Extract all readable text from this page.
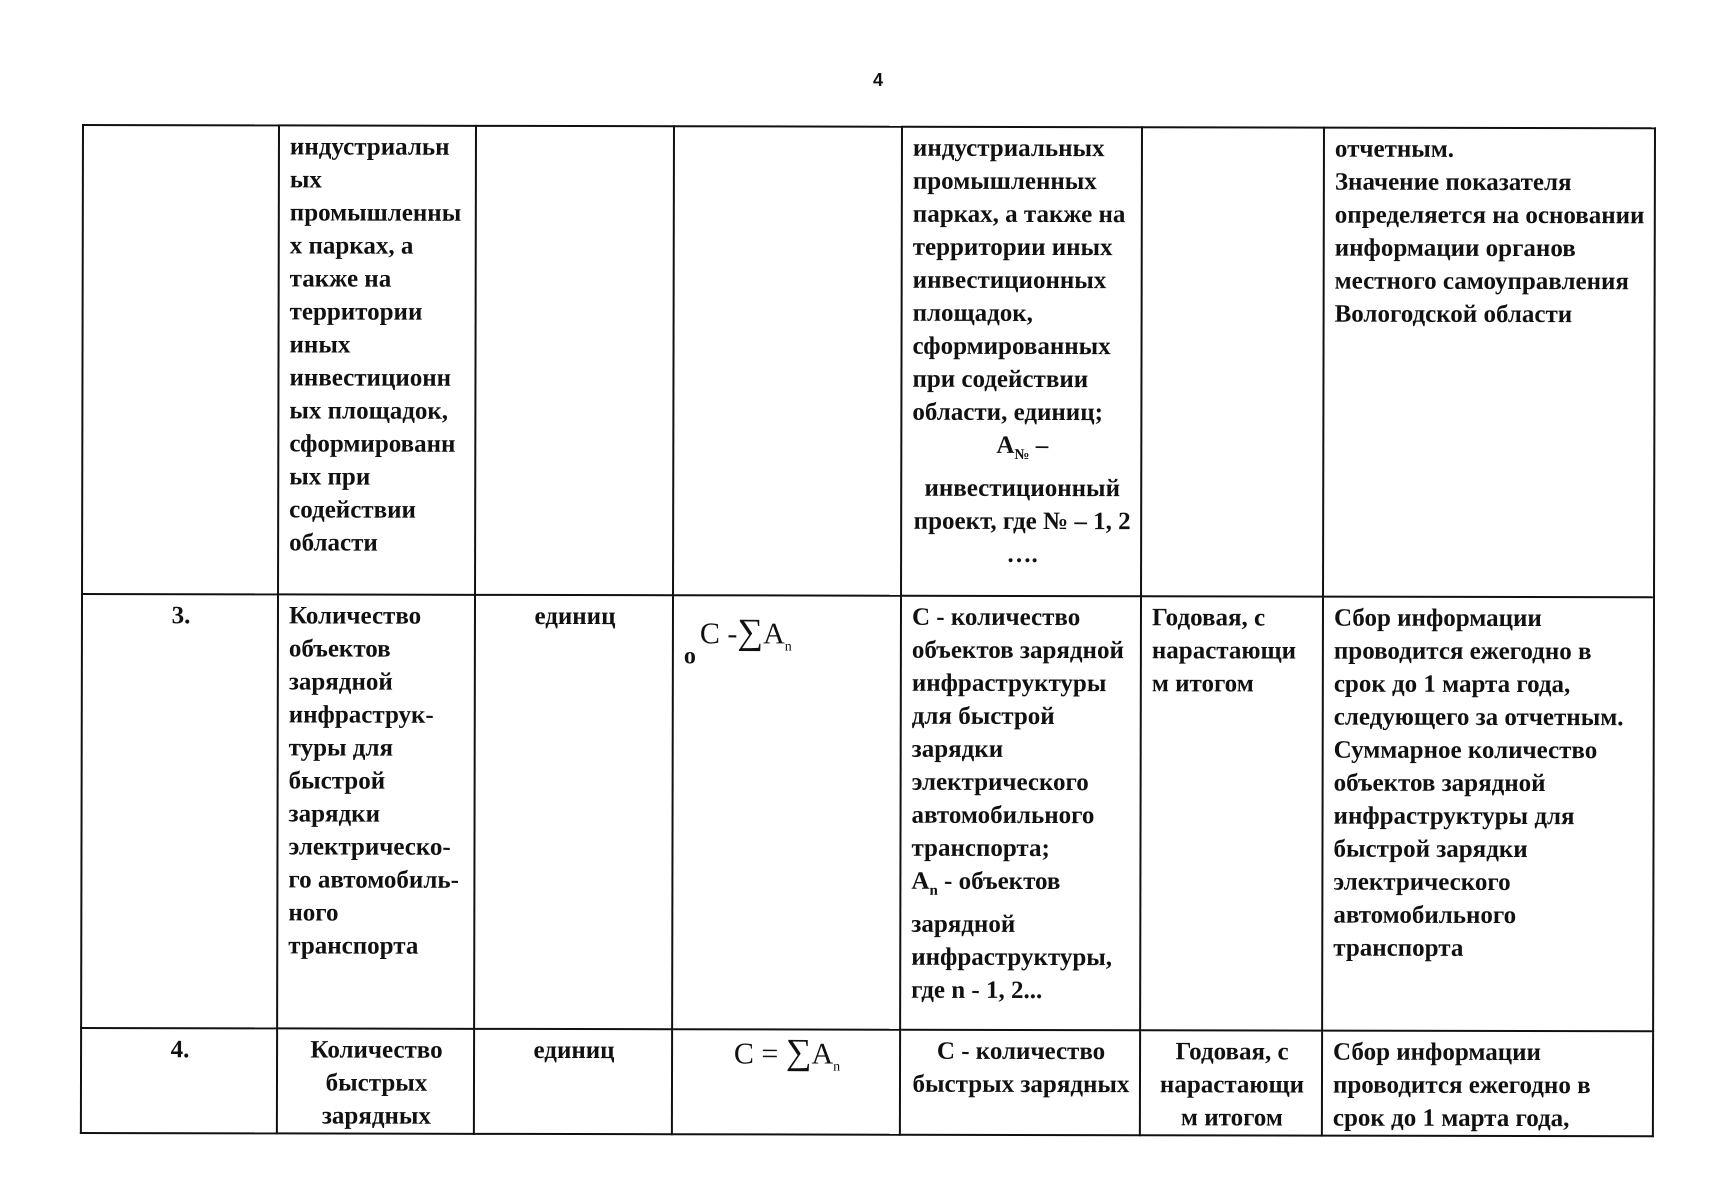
4
	индустриальн ых промышленны х парках, а также на территории иных инвестиционн ых площадок, сформированн ых при содействии области			индустриальных промышленных парках, а также на территории иных инвестиционных площадок, сформированных при содействии области, единиц;
$A_№$ –
инвестиционный проект, где № – 1, 2 ….		отчетным.
Значение показателя определяется на основании информации органов местного самоуправления Вологодской области

3.	Количество объектов зарядной инфраструк-туры для быстрой зарядки электрическо-го автомобиль-ного транспорта	единиц	$_о$C $-\sum A_n$	С - количество объектов зарядной инфраструктуры для быстрой зарядки электрического автомобильного транспорта;
$A_n$ - объектов зарядной инфраструктуры, где n - 1, 2...	Годовая, с нарастающи м итогом	Сбор информации проводится ежегодно в срок до 1 марта года, следующего за отчетным. Суммарное количество объектов зарядной инфраструктуры для быстрой зарядки электрического автомобильного транспорта
4.	Количество быстрых зарядных	единиц	$C = \sum A_n$	С - количество быстрых зарядных	Годовая, с нарастающи м итогом	Сбор информации проводится ежегодно в срок до 1 марта года,
